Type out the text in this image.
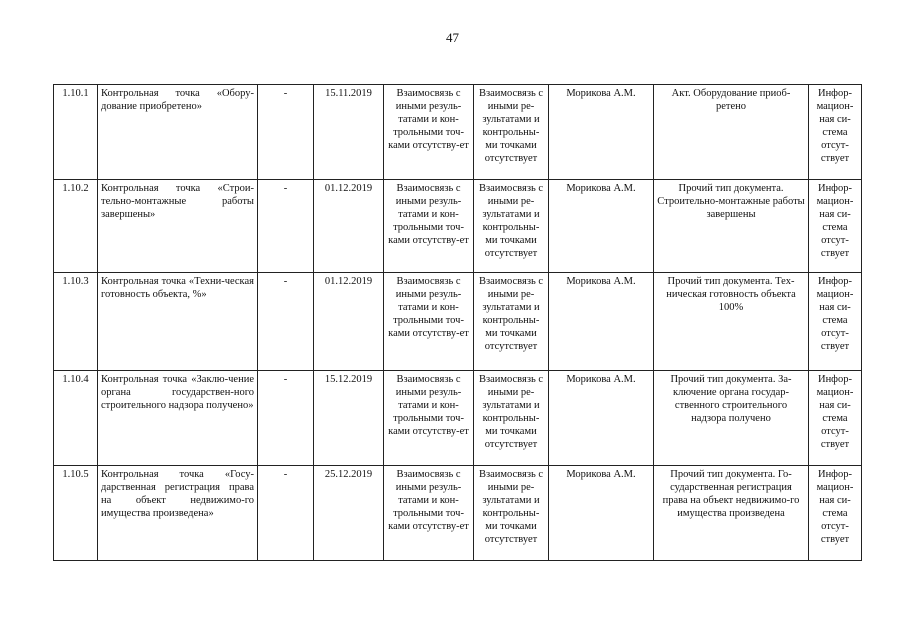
47
1.10.1	Контрольная точка «Обору-дование приобретено»	-	15.11.2019	Взаимосвязь с иными резуль-татами и кон-трольными точ-ками отсутству-ет	Взаимосвязь с иными ре-зультатами и контрольны-ми точками отсутствует	Морикова А.М.	Акт. Оборудование приоб-ретено	Инфор-мацион-ная си-стема отсут-ствует
1.10.2	Контрольная точка «Строи-тельно-монтажные работы завершены»	-	01.12.2019	Взаимосвязь с иными резуль-татами и кон-трольными точ-ками отсутству-ет	Взаимосвязь с иными ре-зультатами и контрольны-ми точками отсутствует	Морикова А.М.	Прочий тип документа. Строительно-монтажные работы завершены	Инфор-мацион-ная си-стема отсут-ствует
1.10.3	Контрольная точка «Техни-ческая готовность объекта, %»	-	01.12.2019	Взаимосвязь с иными резуль-татами и кон-трольными точ-ками отсутству-ет	Взаимосвязь с иными ре-зультатами и контрольны-ми точками отсутствует	Морикова А.М.	Прочий тип документа. Тех-ническая готовность объекта 100%	Инфор-мацион-ная си-стема отсут-ствует
1.10.4	Контрольная точка «Заклю-чение органа государствен-ного строительного надзора получено»	-	15.12.2019	Взаимосвязь с иными резуль-татами и кон-трольными точ-ками отсутству-ет	Взаимосвязь с иными ре-зультатами и контрольны-ми точками отсутствует	Морикова А.М.	Прочий тип документа. За-ключение органа государ-ственного строительного надзора получено	Инфор-мацион-ная си-стема отсут-ствует
1.10.5	Контрольная точка «Госу-дарственная регистрация права на объект недвижимо-го имущества произведена»	-	25.12.2019	Взаимосвязь с иными резуль-татами и кон-трольными точ-ками отсутству-ет	Взаимосвязь с иными ре-зультатами и контрольны-ми точками отсутствует	Морикова А.М.	Прочий тип документа. Го-сударственная регистрация права на объект недвижимо-го имущества произведена	Инфор-мацион-ная си-стема отсут-ствует
